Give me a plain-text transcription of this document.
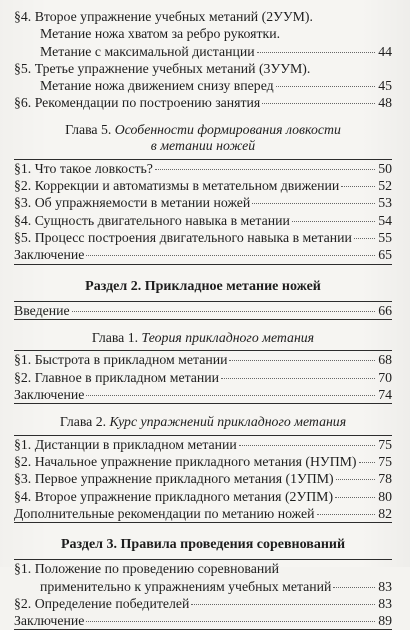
§4. Второе упражнение учебных метаний (2УУМ).
Метание ножа хватом за ребро рукоятки.
Метание с максимальной дистанции	44
§5. Третье упражнение учебных метаний (3УУМ).
Метание ножа движением снизу вперед	45
§6. Рекомендации по построению занятия	48
Глава 5. Особенности формирования ловкости
в метании ножей
§1. Что такое ловкость?	50
§2. Коррекции и автоматизмы в метательном движении	52
§3. Об упражняемости в метании ножей	53
§4. Сущность двигательного навыка в метании	54
§5. Процесс построения двигательного навыка в метании 55
Заключение	65
Раздел 2. Прикладное метание ножей
Введение	66
Глава 1. Теория прикладного метания
§1. Быстрота в прикладном метании	68
§2. Главное в прикладном метании	70
Заключение	74
Глава 2. Курс упражнений прикладного метания
§1. Дистанции в прикладном метании	75
§2. Начальное упражнение прикладного метания (НУПМ) 75
§3. Первое упражнение прикладного метания (1УПМ)	78
§4. Второе упражнение прикладного метания (2УПМ)	80
Дополнительные рекомендации по метанию ножей	82
Раздел 3. Правила проведения соревнований
§1. Положение по проведению соревнований
применительно к упражнениям учебных метаний	83
§2. Определение победителей	83
Заключение	89
